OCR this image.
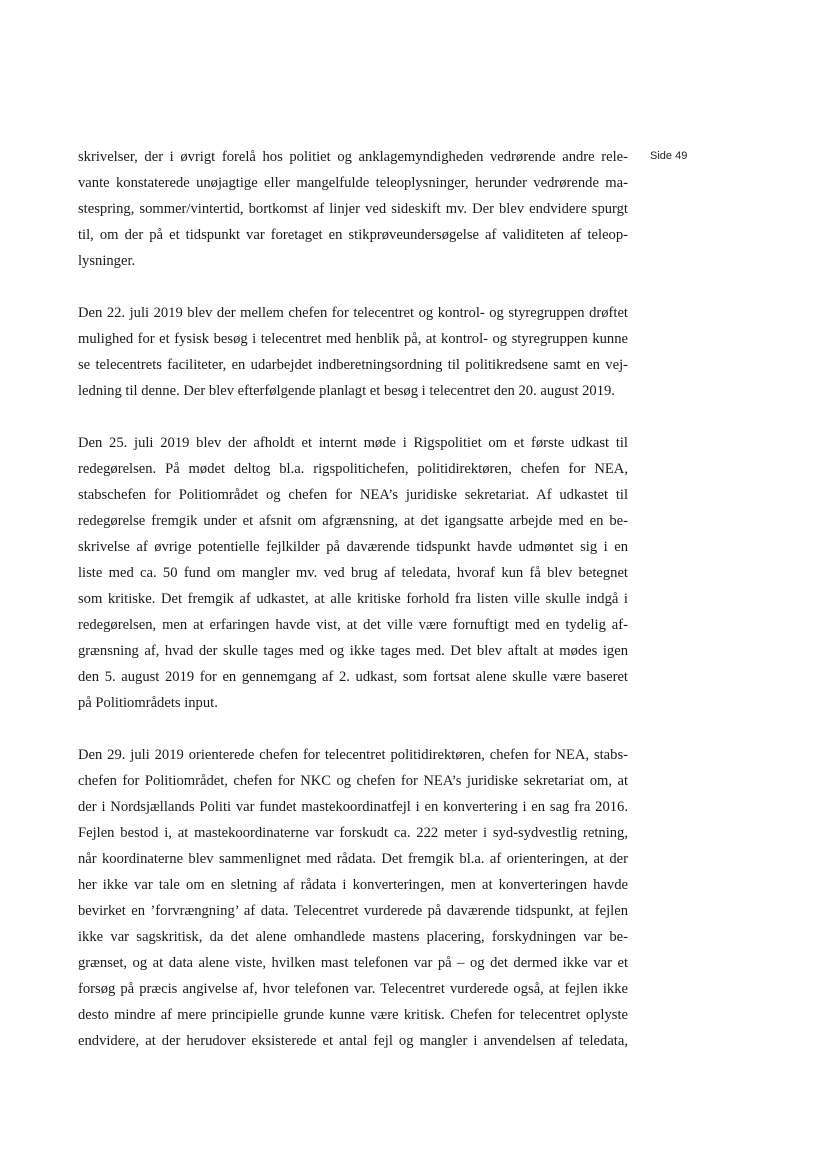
Side 49

skrivelser, der i øvrigt forelå hos politiet og anklagemyndigheden vedrørende andre rele-
vante konstaterede unøjagtige eller mangelfulde teleoplysninger, herunder vedrørende ma-
stespring, sommer/vintertid, bortkomst af linjer ved sideskift mv. Der blev endvidere spurgt
til, om der på et tidspunkt var foretaget en stikprøveundersøgelse af validiteten af teleop-
lysninger.

Den 22. juli 2019 blev der mellem chefen for telecentret og kontrol- og styregruppen drøftet
mulighed for et fysisk besøg i telecentret med henblik på, at kontrol- og styregruppen kunne
se telecentrets faciliteter, en udarbejdet indberetningsordning til politikredsene samt en vej-
ledning til denne. Der blev efterfølgende planlagt et besøg i telecentret den 20. august 2019.

Den 25. juli 2019 blev der afholdt et internt møde i Rigspolitiet om et første udkast til
redegørelsen. På mødet deltog bl.a. rigspolitichefen, politidirektøren, chefen for NEA,
stabschefen for Politiområdet og chefen for NEA’s juridiske sekretariat. Af udkastet til
redegørelse fremgik under et afsnit om afgrænsning, at det igangsatte arbejde med en be-
skrivelse af øvrige potentielle fejlkilder på daværende tidspunkt havde udmøntet sig i en
liste med ca. 50 fund om mangler mv. ved brug af teledata, hvoraf kun få blev betegnet
som kritiske. Det fremgik af udkastet, at alle kritiske forhold fra listen ville skulle indgå i
redegørelsen, men at erfaringen havde vist, at det ville være fornuftigt med en tydelig af-
grænsning af, hvad der skulle tages med og ikke tages med. Det blev aftalt at mødes igen
den 5. august 2019 for en gennemgang af 2. udkast, som fortsat alene skulle være baseret
på Politiområdets input.

Den 29. juli 2019 orienterede chefen for telecentret politidirektøren, chefen for NEA, stabs-
chefen for Politiområdet, chefen for NKC og chefen for NEA’s juridiske sekretariat om, at
der i Nordsjællands Politi var fundet mastekoordinatfejl i en konvertering i en sag fra 2016.
Fejlen bestod i, at mastekoordinaterne var forskudt ca. 222 meter i syd-sydvestlig retning,
når koordinaterne blev sammenlignet med rådata. Det fremgik bl.a. af orienteringen, at der
her ikke var tale om en sletning af rådata i konverteringen, men at konverteringen havde
bevirket en ’forvrængning’ af data. Telecentret vurderede på daværende tidspunkt, at fejlen
ikke var sagskritisk, da det alene omhandlede mastens placering, forskydningen var be-
grænset, og at data alene viste, hvilken mast telefonen var på – og det dermed ikke var et
forsøg på præcis angivelse af, hvor telefonen var. Telecentret vurderede også, at fejlen ikke
desto mindre af mere principielle grunde kunne være kritisk. Chefen for telecentret oplyste
endvidere, at der herudover eksisterede et antal fejl og mangler i anvendelsen af teledata,
